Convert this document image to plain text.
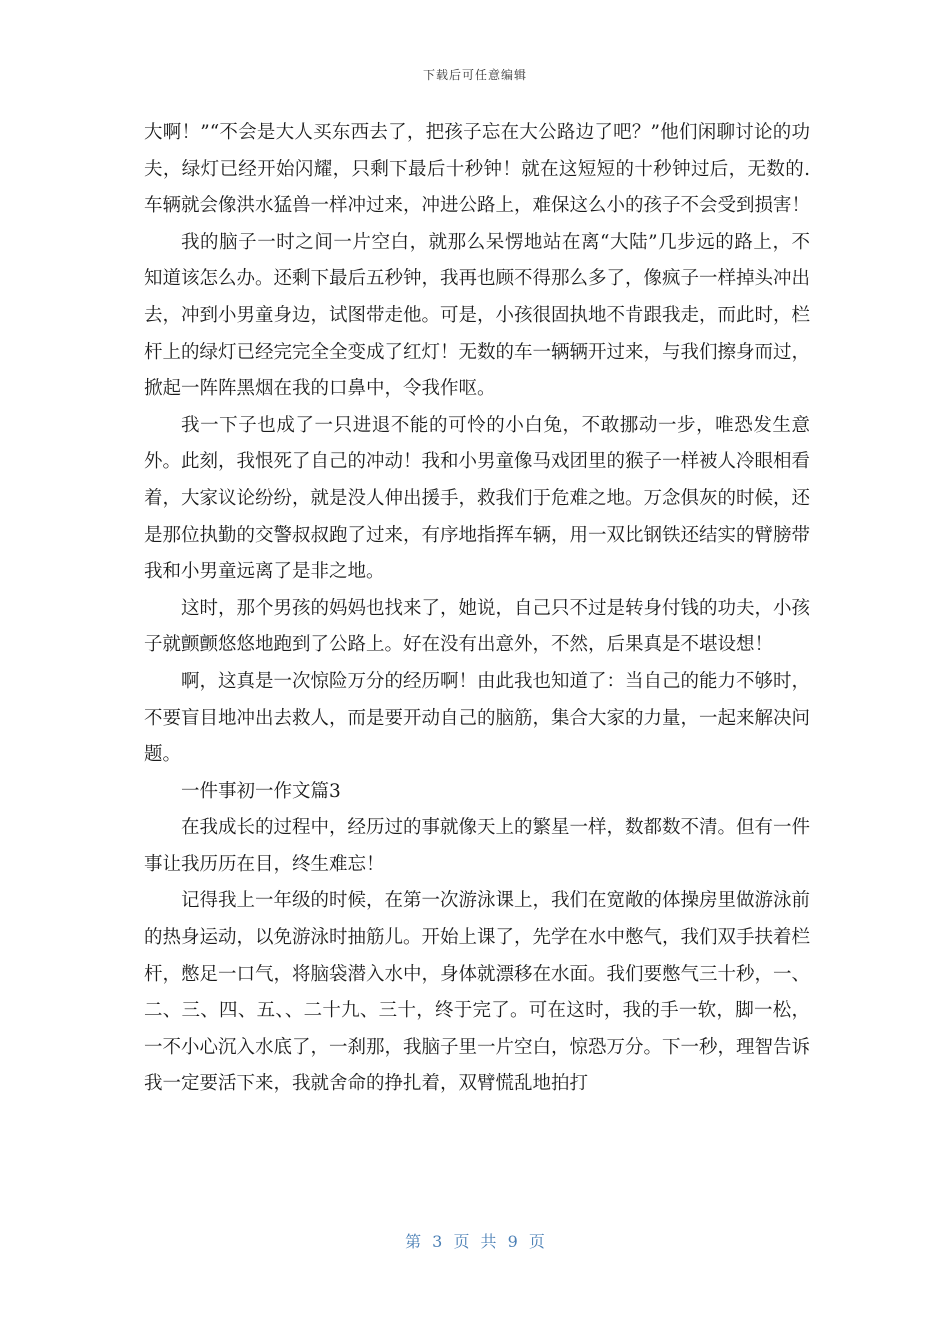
下载后可任意编辑

大啊！”“不会是大人买东西去了，把孩子忘在大公路边了吧？”他们闲聊讨论的功夫，绿灯已经开始闪耀，只剩下最后十秒钟！就在这短短的十秒钟过后，无数的.车辆就会像洪水猛兽一样冲过来，冲进公路上，难保这么小的孩子不会受到损害！

我的脑子一时之间一片空白，就那么呆愣地站在离“大陆”几步远的路上，不知道该怎么办。还剩下最后五秒钟，我再也顾不得那么多了，像疯子一样掉头冲出去，冲到小男童身边，试图带走他。可是，小孩很固执地不肯跟我走，而此时，栏杆上的绿灯已经完完全全变成了红灯！无数的车一辆辆开过来，与我们擦身而过，掀起一阵阵黑烟在我的口鼻中，令我作呕。

我一下子也成了一只进退不能的可怜的小白兔，不敢挪动一步，唯恐发生意外。此刻，我恨死了自己的冲动！我和小男童像马戏团里的猴子一样被人冷眼相看着，大家议论纷纷，就是没人伸出援手，救我们于危难之地。万念俱灰的时候，还是那位执勤的交警叔叔跑了过来，有序地指挥车辆，用一双比钢铁还结实的臂膀带我和小男童远离了是非之地。

这时，那个男孩的妈妈也找来了，她说，自己只不过是转身付钱的功夫，小孩子就颤颤悠悠地跑到了公路上。好在没有出意外，不然，后果真是不堪设想！

啊，这真是一次惊险万分的经历啊！由此我也知道了：当自己的能力不够时，不要盲目地冲出去救人，而是要开动自己的脑筋，集合大家的力量，一起来解决问题。

一件事初一作文篇3

在我成长的过程中，经历过的事就像天上的繁星一样，数都数不清。但有一件事让我历历在目，终生难忘！

记得我上一年级的时候，在第一次游泳课上，我们在宽敞的体操房里做游泳前的热身运动，以免游泳时抽筋儿。开始上课了，先学在水中憋气，我们双手扶着栏杆，憋足一口气，将脑袋潜入水中，身体就漂移在水面。我们要憋气三十秒，一、二、三、四、五、、二十九、三十，终于完了。可在这时，我的手一软，脚一松，一不小心沉入水底了，一刹那，我脑子里一片空白，惊恐万分。下一秒，理智告诉我一定要活下来，我就舍命的挣扎着，双臂慌乱地拍打

第 3 页 共 9 页
